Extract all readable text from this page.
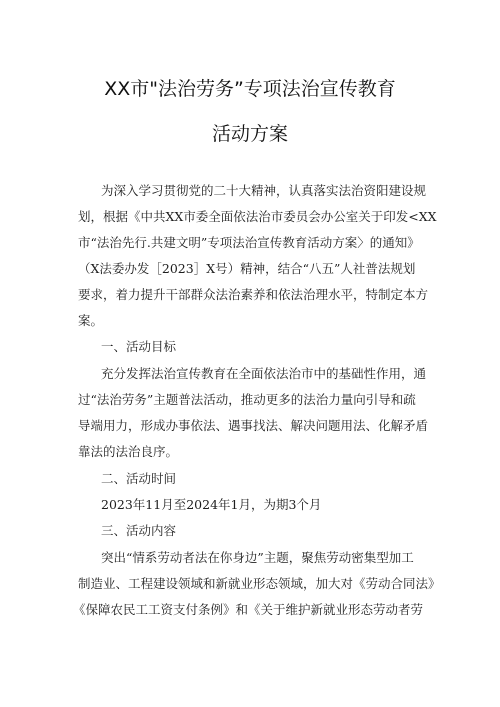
XX市"法治劳务”专项法治宣传教育
活动方案
为深入学习贯彻党的二十大精神，认真落实法治资阳建设规
划，根据《中共XX市委全面依法治市委员会办公室关于印发<XX
市“法治先行.共建文明”专项法治宣传教育活动方案〉的通知》
（X法委办发［2023］X号）精神，结合“八五”人社普法规划
要求，着力提升干部群众法治素养和依法治理水平，特制定本方
案。
一、活动目标
充分发挥法治宣传教育在全面依法治市中的基础性作用，通
过“法治劳务”主题普法活动，推动更多的法治力量向引导和疏
导端用力，形成办事依法、遇事找法、解决问题用法、化解矛盾
靠法的法治良序。
二、活动时间
2023年11月至2024年1月，为期3个月
三、活动内容
突出“情系劳动者法在你身边”主题，聚焦劳动密集型加工
制造业、工程建设领域和新就业形态领域，加大对《劳动合同法》
《保障农民工工资支付条例》和《关于维护新就业形态劳动者劳
